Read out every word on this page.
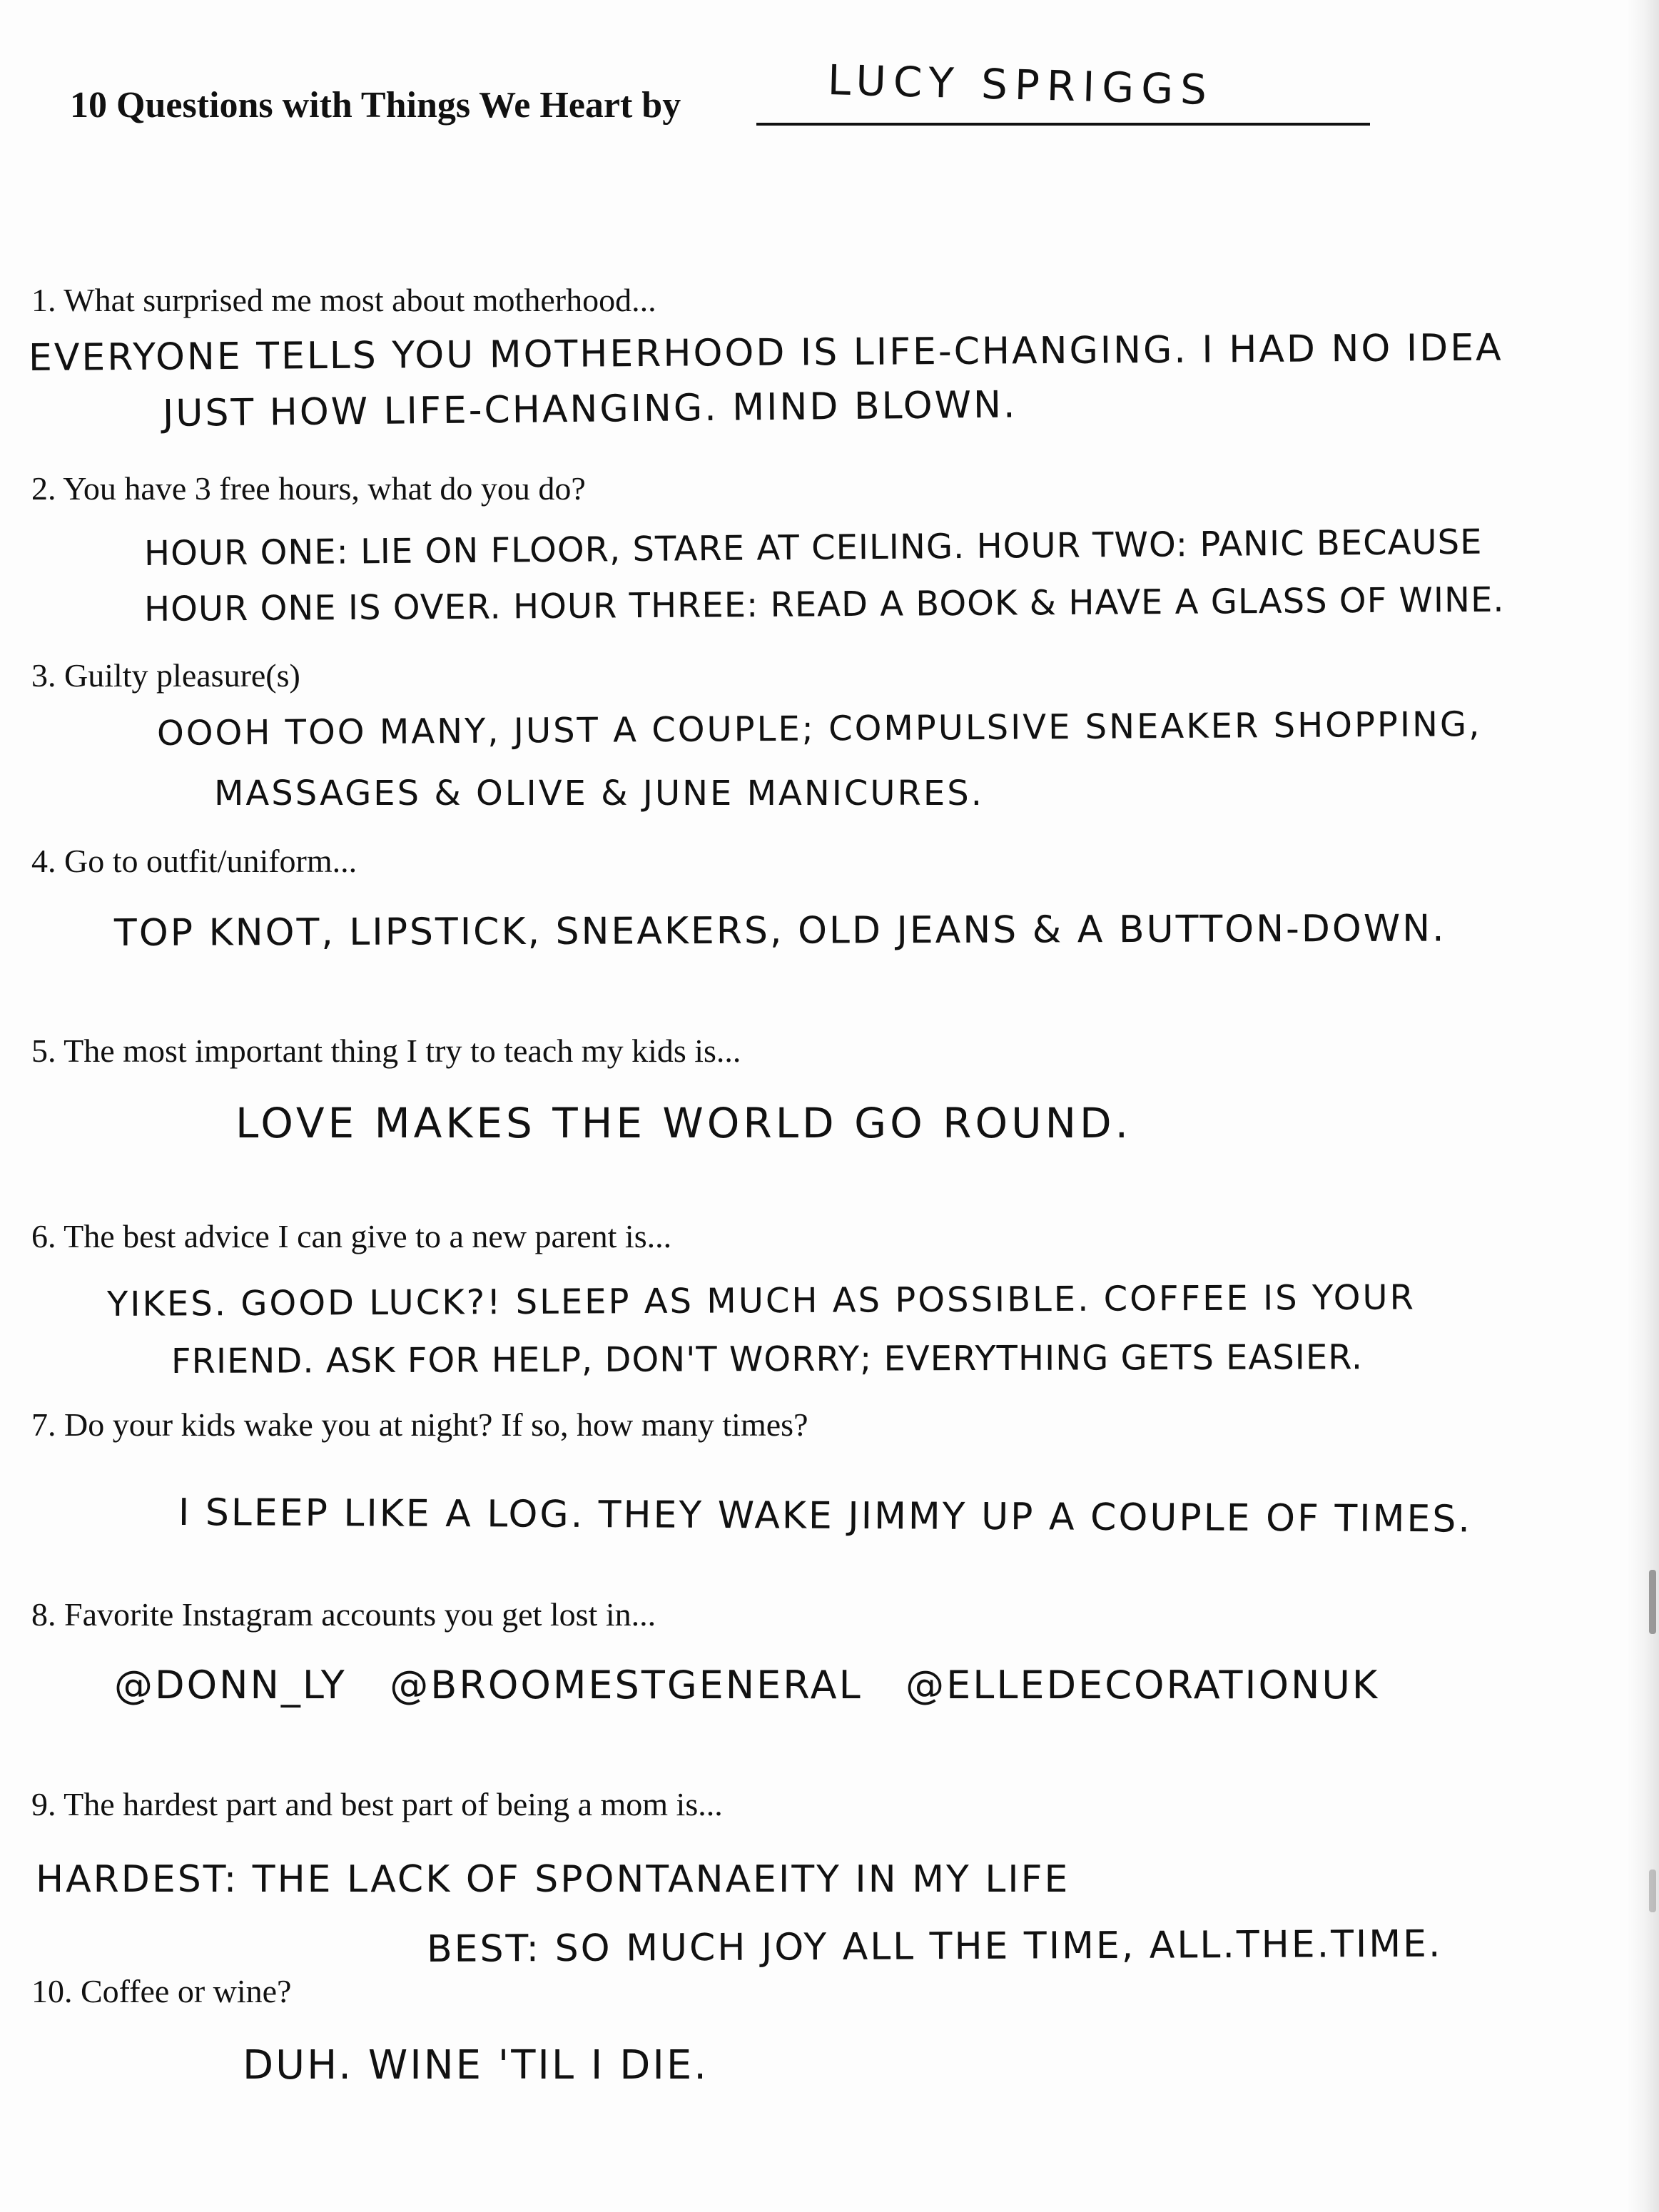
10 Questions with Things We Heart by	LUCY SPRIGGS
1. What surprised me most about motherhood...
EVERYONE TELLS YOU MOTHERHOOD IS LIFE-CHANGING. I HAD NO IDEA
JUST HOW LIFE-CHANGING. MIND BLOWN.
2. You have 3 free hours, what do you do?
HOUR ONE: LIE ON FLOOR, STARE AT CEILING. HOUR TWO: PANIC BECAUSE
HOUR ONE IS OVER. HOUR THREE: READ A BOOK & HAVE A GLASS OF WINE.
3. Guilty pleasure(s)
OOOH TOO MANY, JUST A COUPLE; COMPULSIVE SNEAKER SHOPPING,
MASSAGES & OLIVE & JUNE MANICURES.
4. Go to outfit/uniform...
TOP KNOT, LIPSTICK, SNEAKERS, OLD JEANS & A BUTTON-DOWN.
5. The most important thing I try to teach my kids is...
LOVE MAKES THE WORLD GO ROUND.
6. The best advice I can give to a new parent is...
YIKES. GOOD LUCK?! SLEEP AS MUCH AS POSSIBLE. COFFEE IS YOUR
FRIEND. ASK FOR HELP, DON'T WORRY; EVERYTHING GETS EASIER.
7. Do your kids wake you at night? If so, how many times?
I SLEEP LIKE A LOG. THEY WAKE JIMMY UP A COUPLE OF TIMES.
8. Favorite Instagram accounts you get lost in...
@DONN_LY   @BROOMESTGENERAL   @ELLEDECORATIONUK
9. The hardest part and best part of being a mom is...
HARDEST: THE LACK OF SPONTANAEITY IN MY LIFE
BEST: SO MUCH JOY ALL THE TIME, ALL.THE.TIME.
10. Coffee or wine?
DUH. WINE 'TIL I DIE.
